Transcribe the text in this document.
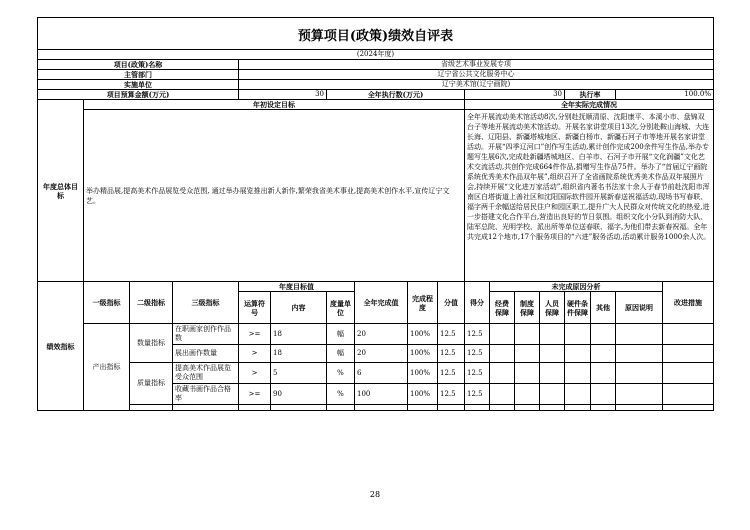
预算项目(政策)绩效自评表																		
(2024年度)																		
项目(政策)名称				省级艺术事业发展专项														
主管部门				辽宁省公共文化服务中心														
实施单位				辽宁美术馆(辽宁画院)														
项目预算金额(万元)				30		全年执行数(万元)				30				执行率		100.0%		
年度总体目标	年初设定目标									全年实际完成情况								
	举办精品展,提高美术作品展览受众范围, 通过举办展览推出新人新作,繁荣我省美术事业,提高美术创作水平,宣传辽宁文艺。									全年开展流动美术馆活动8次,分别赴抚顺清原、沈阳康平、本溪小市、盘锦双台子等地开展流动美术馆活动。开展名家讲堂项目13次,分别赴鞍山海城、大连长海、辽阳县、新疆塔城地区、新疆白杨市、新疆石河子市等地开展名家讲堂活动。开展“四季辽河口”创作写生活动,累计创作完成200余件写生作品,举办专题写生展6次,完成赴新疆塔城地区、白羊市、石河子市开展“文化润疆”文化艺术交流活动,共创作完成664件作品,捐赠写生作品75件。举办了“首届辽宁画院系统优秀美术作品双年展”,组织召开了全省画院系统优秀美术作品双年展照片会,持续开展“文化进万家活动”,组织省内著名书法家十余人于春节前赴沈阳市浑南区白塔街道上善社区和沈阳国际软件园开展新春送祝福活动,现场书写春联、福字两千余幅送给居民住户和园区职工,提升广大人民群众对传统文化的热爱,进一步搭建文化合作平台,营造出良好的节日氛围。组织文化小分队到消防大队、陆军总院、光明学校、派出所等单位送春联、福字,为他们带去新春祝福。全年共完成12个地市,17个服务项目的“六进”服务活动,活动累计服务1000余人次。								
绩效指标	一级指标	二级指标	三级指标	年度目标值			全年完成值	完成程度	分值	得分	未完成原因分析						改进措施	
				运算符号	内容	度量单位					经费保障	制度保障	人员保障	硬件条件保障	其他	原因说明		
	产出指标	数量指标	在职画家创作作品数	>=	18	幅	20	100%	12.5	12.5								
			展出画作数量	>	18	幅	20	100%	12.5	12.5								
		质量指标	提高美术作品展览受众范围	>	5	%	6	100%	12.5	12.5								
			收藏书画作品合格率	>=	90	%	100	100%	12.5	12.5								

28
